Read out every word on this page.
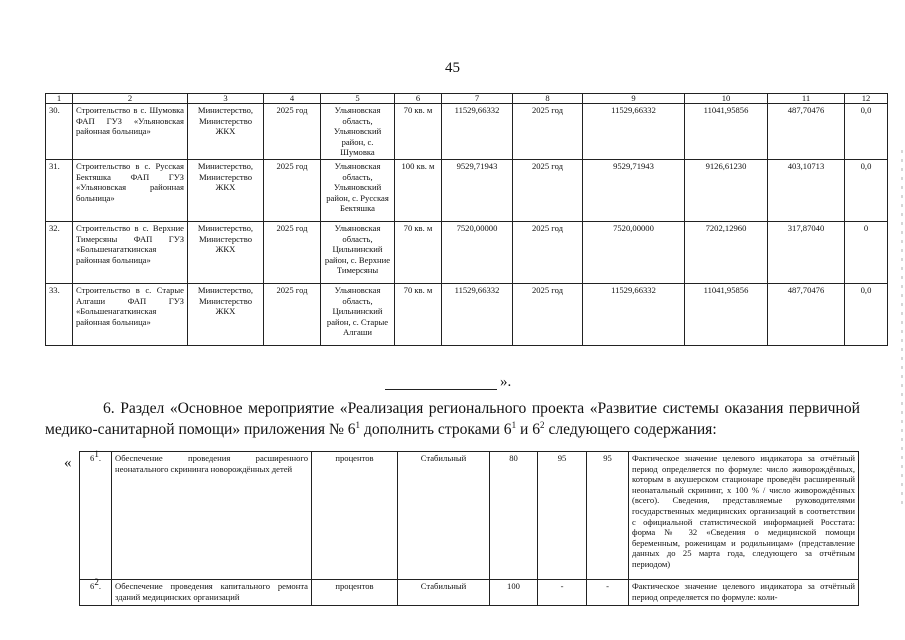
45
1	2	3	4	5	6	7	8	9	10	11	12
30.	Строительство в с. Шумовка ФАП ГУЗ «Ульяновская районная больница»	Министерство, Министерство ЖКХ	2025 год	Ульяновская область, Ульяновский район, с. Шумовка	70 кв. м	11529,66332	2025 год	11529,66332	11041,95856	487,70476	0,0
31.	Строительство в с. Русская Бектяшка ФАП ГУЗ «Ульяновская районная больница»	Министерство, Министерство ЖКХ	2025 год	Ульяновская область, Ульяновский район, с. Русская Бектяшка	100 кв. м	9529,71943	2025 год	9529,71943	9126,61230	403,10713	0,0
32.	Строительство в с. Верхние Тимерсяны ФАП ГУЗ «Большенагаткинская районная больница»	Министерство, Министерство ЖКХ	2025 год	Ульяновская область, Цильнинский район, с. Верхние Тимерсяны	70 кв. м	7520,00000	2025 год	7520,00000	7202,12960	317,87040	0
33.	Строительство в с. Старые Алгаши ФАП ГУЗ «Большенагаткинская районная больница»	Министерство, Министерство ЖКХ	2025 год	Ульяновская область, Цильнинский район, с. Старые Алгаши	70 кв. м	11529,66332	2025 год	11529,66332	11041,95856	487,70476	0,0
».
6. Раздел «Основное мероприятие «Реализация регионального проекта «Развитие системы оказания первичной медико-санитарной помощи» приложения № $6^1$ дополнить строками $6^1$ и $6^2$ следующего содержания:
« $6^1$.	Обеспечение проведения расширенного неонатального скрининга новорождённых детей	процентов	Стабильный	80	95	95	Фактическое значение целевого индикатора за отчётный период определяется по формуле: число живорождённых, которым в акушерском стационаре проведён расширенный неонатальный скрининг, х 100 % / число живорождённых (всего). Сведения, представляемые руководителями государственных медицинских организаций в соответствии с официальной статистической информацией Росстата: форма № 32 «Сведения о медицинской помощи беременным, роженицам и родильницам» (представление данных до 25 марта года, следующего за отчётным периодом)
$6^2$.	Обеспечение проведения капитального ремонта зданий медицинских организаций	процентов	Стабильный	100	-	-	Фактическое значение целевого индикатора за отчётный период определяется по формуле: коли-
